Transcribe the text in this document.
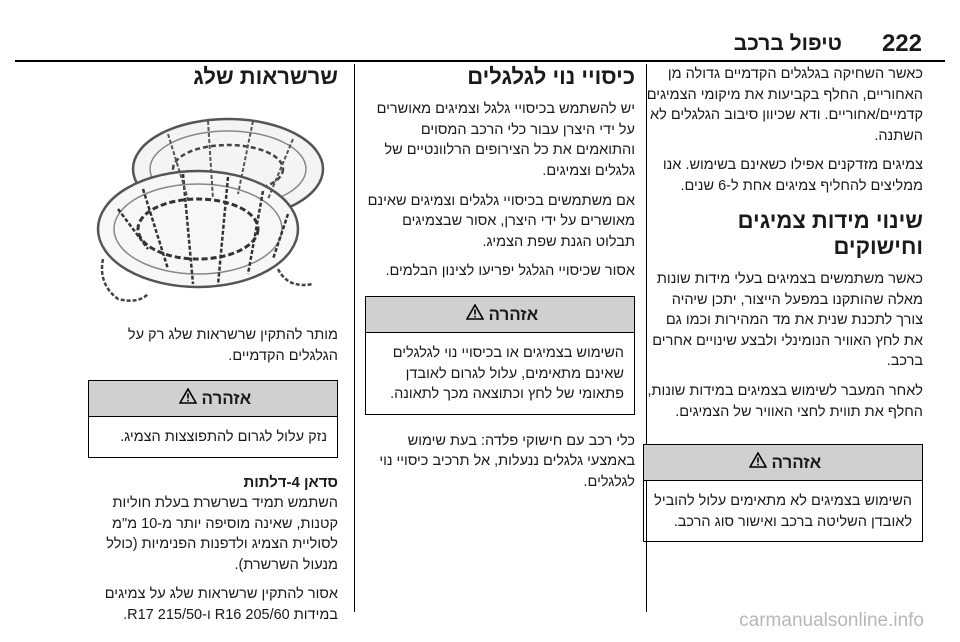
222
טיפול ברכב

כאשר השחיקה בגלגלים הקדמיים גדולה מן האחוריים, החלף בקביעות את מיקומי הצמיגים קדמיים/אחוריים. ודא שכיוון סיבוב הגלגלים לא השתנה.

צמיגים מזדקנים אפילו כשאינם בשימוש. אנו ממליצים להחליף צמיגים אחת ל-6 שנים.

שינוי מידות צמיגים וחישוקים

כאשר משתמשים בצמיגים בעלי מידות שונות מאלה שהותקנו במפעל הייצור, יתכן שיהיה צורך לתכנת שנית את מד המהירות וכמו גם את לחץ האוויר הנומינלי ולבצע שינויים אחרים ברכב.

לאחר המעבר לשימוש בצמיגים במידות שונות, החלף את תווית לחצי האוויר של הצמיגים.

אזהרה
השימוש בצמיגים לא מתאימים עלול להוביל לאובדן השליטה ברכב ואישור סוג הרכב.
כיסויי נוי לגלגלים

יש להשתמש בכיסויי גלגל וצמיגים מאושרים על ידי היצרן עבור כלי הרכב המסוים והתואמים את כל הצירופים הרלוונטיים של גלגלים וצמיגים.

אם משתמשים בכיסויי גלגלים וצמיגים שאינם מאושרים על ידי היצרן, אסור שבצמיגים תבלוט הגנת שפת הצמיג.

אסור שכיסויי הגלגל יפריעו לצינון הבלמים.

אזהרה
השימוש בצמיגים או בכיסויי נוי לגלגלים שאינם מתאימים, עלול לגרום לאובדן פתאומי של לחץ וכתוצאה מכך לתאונה.

כלי רכב עם חישוקי פלדה: בעת שימוש באמצעי גלגלים ננעלות, אל תרכיב כיסויי נוי לגלגלים.

שרשראות שלג

מותר להתקין שרשראות שלג רק על הגלגלים הקדמיים.

אזהרה
נזק עלול לגרום להתפוצצות הצמיג.
סדאן 4-דלתות

השתמש תמיד בשרשרת בעלת חוליות קטנות, שאינה מוסיפה יותר מ-10 מ"מ לסוליית הצמיג ולדפנות הפנימיות (כולל מנעול השרשרת).

אסור להתקין שרשראות שלג על צמיגים במידות R16 205/60 ו-R17 215/50.	carmanualsonline.info
